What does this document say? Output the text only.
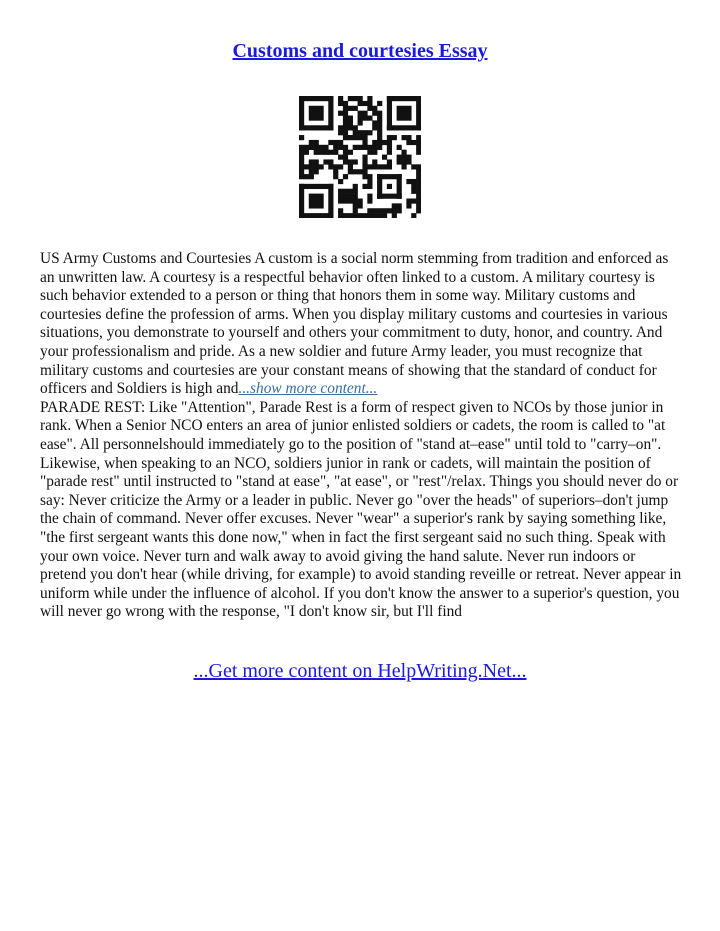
Customs and courtesies Essay

US Army Customs and Courtesies A custom is a social norm stemming from tradition and enforced as an unwritten law. A courtesy is a respectful behavior often linked to a custom. A military courtesy is such behavior extended to a person or thing that honors them in some way. Military customs and courtesies define the profession of arms. When you display military customs and courtesies in various situations, you demonstrate to yourself and others your commitment to duty, honor, and country. And your professionalism and pride. As a new soldier and future Army leader, you must recognize that military customs and courtesies are your constant means of showing that the standard of conduct for officers and Soldiers is high and...show more content...

PARADE REST: Like "Attention", Parade Rest is a form of respect given to NCOs by those junior in rank. When a Senior NCO enters an area of junior enlisted soldiers or cadets, the room is called to "at ease". All personnelshould immediately go to the position of "stand at–ease" until told to "carry–on". Likewise, when speaking to an NCO, soldiers junior in rank or cadets, will maintain the position of "parade rest" until instructed to "stand at ease", "at ease", or "rest"/relax. Things you should never do or say: Never criticize the Army or a leader in public. Never go "over the heads" of superiors–don't jump the chain of command. Never offer excuses. Never "wear" a superior's rank by saying something like, "the first sergeant wants this done now," when in fact the first sergeant said no such thing. Speak with your own voice. Never turn and walk away to avoid giving the hand salute. Never run indoors or pretend you don't hear (while driving, for example) to avoid standing reveille or retreat. Never appear in uniform while under the influence of alcohol. If you don't know the answer to a superior's question, you will never go wrong with the response, "I don't know sir, but I'll find

...Get more content on HelpWriting.Net...
